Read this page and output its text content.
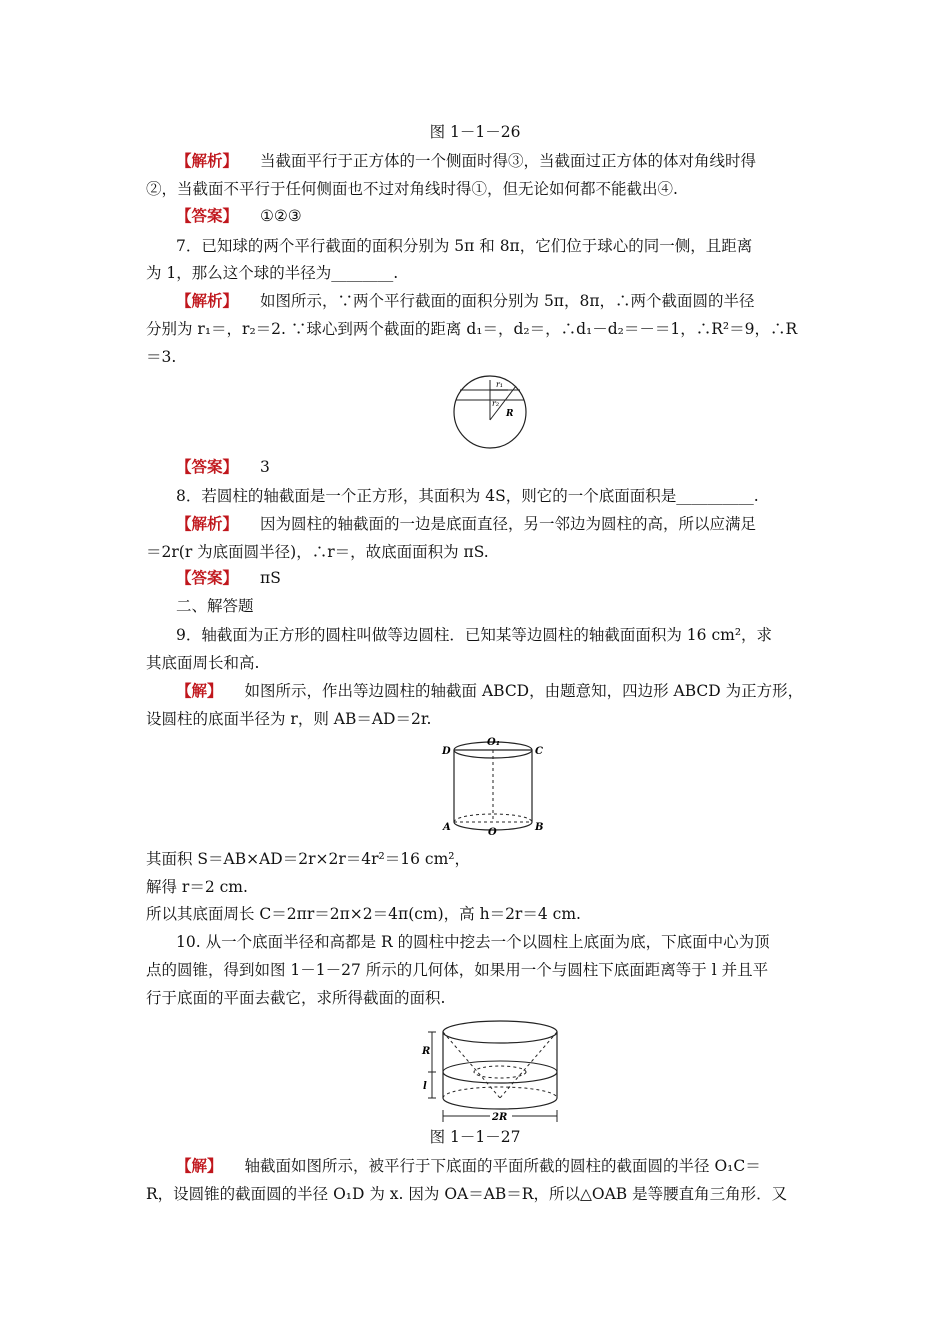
图 1－1－26
【解析】 当截面平行于正方体的一个侧面时得③，当截面过正方体的体对角线时得
②，当截面不平行于任何侧面也不过对角线时得①，但无论如何都不能截出④.
【答案】 ①②③
7．已知球的两个平行截面的面积分别为 5π 和 8π，它们位于球心的同一侧，且距离
为 1，那么这个球的半径为________.
【解析】 如图所示，∵两个平行截面的面积分别为 5π，8π，∴两个截面圆的半径
分别为 r₁＝，r₂＝2. ∵球心到两个截面的距离 d₁＝，d₂＝，∴d₁－d₂＝－＝1，∴R²＝9，∴R
＝3.
r₁
r₂
R
【答案】 3
8．若圆柱的轴截面是一个正方形，其面积为 4S，则它的一个底面面积是__________.
【解析】 因为圆柱的轴截面的一边是底面直径，另一邻边为圆柱的高，所以应满足
＝2r(r 为底面圆半径)，∴r＝，故底面面积为 πS.
【答案】 πS
二、解答题
9．轴截面为正方形的圆柱叫做等边圆柱．已知某等边圆柱的轴截面面积为 16 cm²，求
其底面周长和高.
【解】 如图所示，作出等边圆柱的轴截面 ABCD，由题意知，四边形 ABCD 为正方形，
设圆柱的底面半径为 r，则 AB＝AD＝2r.
D
O₁
C
A	O	B
其面积 S＝AB×AD＝2r×2r＝4r²＝16 cm²，
解得 r＝2 cm.
所以其底面周长 C＝2πr＝2π×2＝4π(cm)，高 h＝2r＝4 cm.
10. 从一个底面半径和高都是 R 的圆柱中挖去一个以圆柱上底面为底，下底面中心为顶
点的圆锥，得到如图 1－1－27 所示的几何体，如果用一个与圆柱下底面距离等于 l 并且平
行于底面的平面去截它，求所得截面的面积.
R
l
2R
图 1－1－27
【解】 轴截面如图所示，被平行于下底面的平面所截的圆柱的截面圆的半径 O₁C＝
R，设圆锥的截面圆的半径 O₁D 为 x. 因为 OA＝AB＝R，所以△OAB 是等腰直角三角形．又
